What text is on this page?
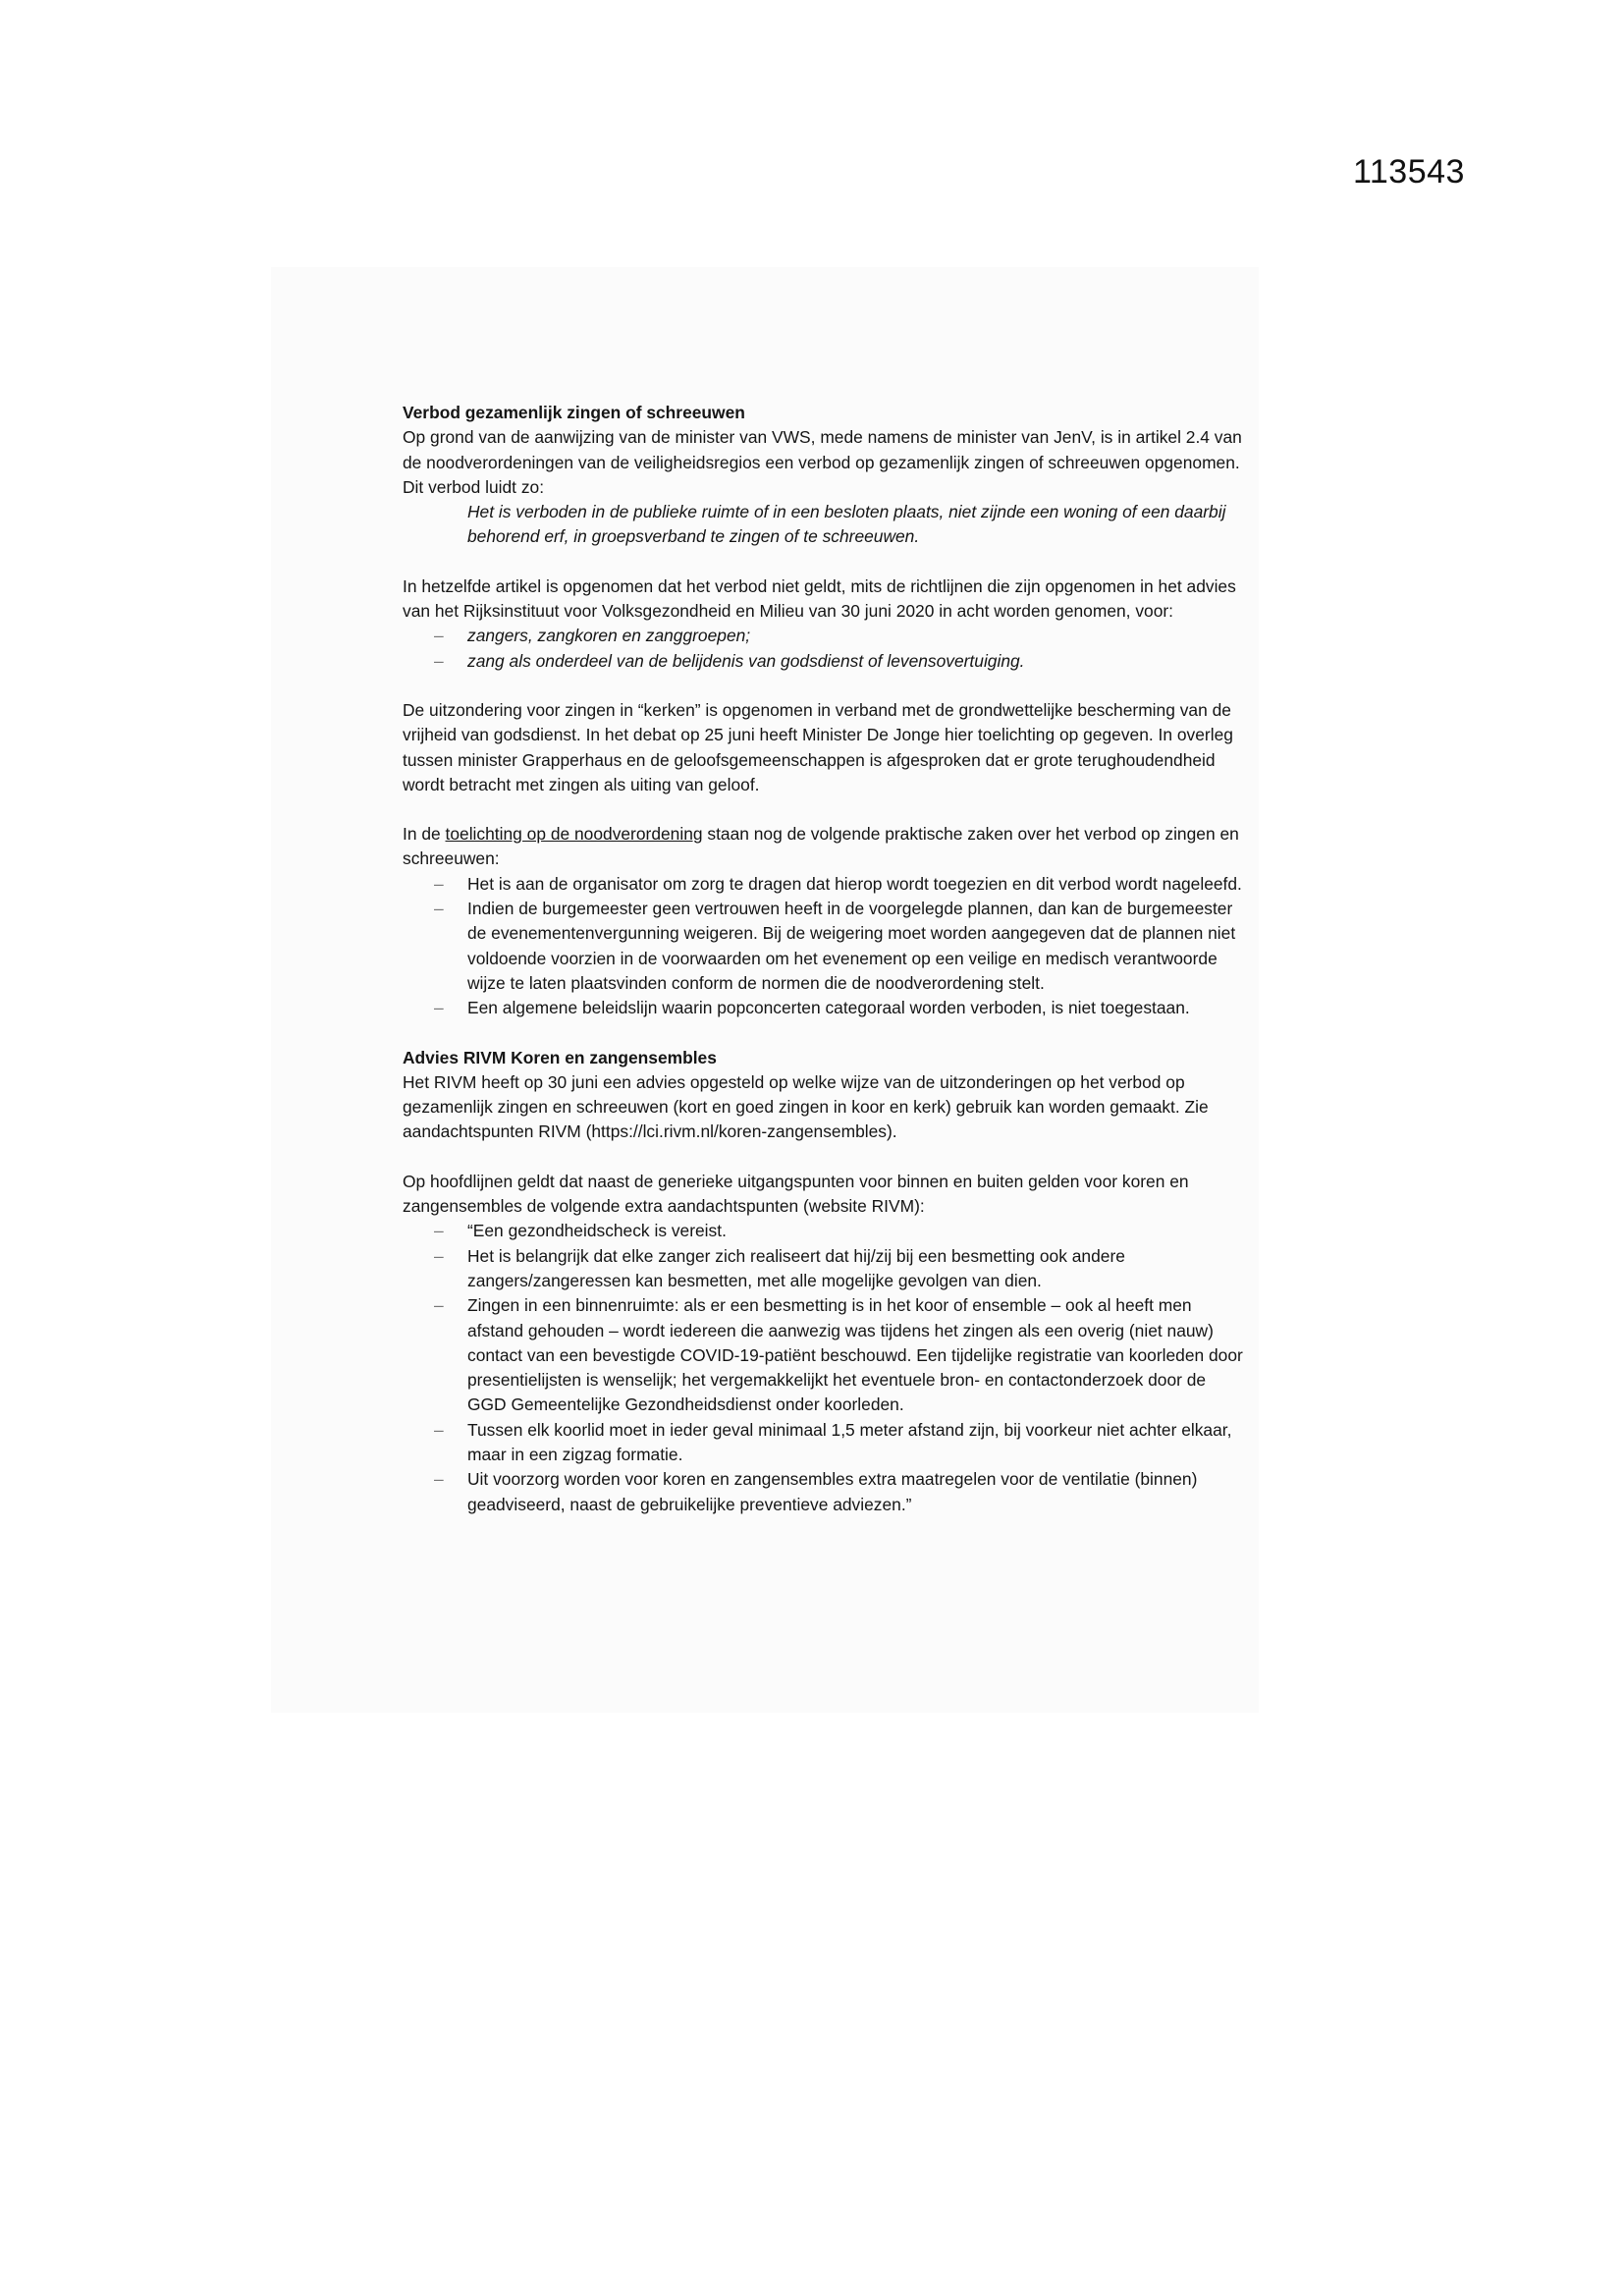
113543

Verbod gezamenlijk zingen of schreeuwen

Op grond van de aanwijzing van de minister van VWS, mede namens de minister van JenV, is in artikel 2.4 van de noodverordeningen van de veiligheidsregios een verbod op gezamenlijk zingen of schreeuwen opgenomen. Dit verbod luidt zo:

Het is verboden in de publieke ruimte of in een besloten plaats, niet zijnde een woning of een daarbij behorend erf, in groepsverband te zingen of te schreeuwen.

In hetzelfde artikel is opgenomen dat het verbod niet geldt, mits de richtlijnen die zijn opgenomen in het advies van het Rijksinstituut voor Volksgezondheid en Milieu van 30 juni 2020 in acht worden genomen, voor:

– zangers, zangkoren en zanggroepen;
– zang als onderdeel van de belijdenis van godsdienst of levensovertuiging.

De uitzondering voor zingen in “kerken” is opgenomen in verband met de grondwettelijke bescherming van de vrijheid van godsdienst. In het debat op 25 juni heeft Minister De Jonge hier toelichting op gegeven. In overleg tussen minister Grapperhaus en de geloofsgemeenschappen is afgesproken dat er grote terughoudendheid wordt betracht met zingen als uiting van geloof.

In de toelichting op de noodverordening staan nog de volgende praktische zaken over het verbod op zingen en schreeuwen:

– Het is aan de organisator om zorg te dragen dat hierop wordt toegezien en dit verbod wordt nageleefd.
– Indien de burgemeester geen vertrouwen heeft in de voorgelegde plannen, dan kan de burgemeester de evenementenvergunning weigeren. Bij de weigering moet worden aangegeven dat de plannen niet voldoende voorzien in de voorwaarden om het evenement op een veilige en medisch verantwoorde wijze te laten plaatsvinden conform de normen die de noodverordening stelt.
– Een algemene beleidslijn waarin popconcerten categoraal worden verboden, is niet toegestaan.

Advies RIVM Koren en zangensembles

Het RIVM heeft op 30 juni een advies opgesteld op welke wijze van de uitzonderingen op het verbod op gezamenlijk zingen en schreeuwen (kort en goed zingen in koor en kerk) gebruik kan worden gemaakt. Zie aandachtspunten RIVM (https://lci.rivm.nl/koren-zangensembles).

Op hoofdlijnen geldt dat naast de generieke uitgangspunten voor binnen en buiten gelden voor koren en zangensembles de volgende extra aandachtspunten (website RIVM):

– “Een gezondheidscheck is vereist.
– Het is belangrijk dat elke zanger zich realiseert dat hij/zij bij een besmetting ook andere zangers/zangeressen kan besmetten, met alle mogelijke gevolgen van dien.
– Zingen in een binnenruimte: als er een besmetting is in het koor of ensemble – ook al heeft men afstand gehouden – wordt iedereen die aanwezig was tijdens het zingen als een overig (niet nauw) contact van een bevestigde COVID-19-patiënt beschouwd. Een tijdelijke registratie van koorleden door presentielijsten is wenselijk; het vergemakkelijkt het eventuele bron- en contactonderzoek door de GGD Gemeentelijke Gezondheidsdienst onder koorleden.
– Tussen elk koorlid moet in ieder geval minimaal 1,5 meter afstand zijn, bij voorkeur niet achter elkaar, maar in een zigzag formatie.
– Uit voorzorg worden voor koren en zangensembles extra maatregelen voor de ventilatie (binnen) geadviseerd, naast de gebruikelijke preventieve adviezen.”
